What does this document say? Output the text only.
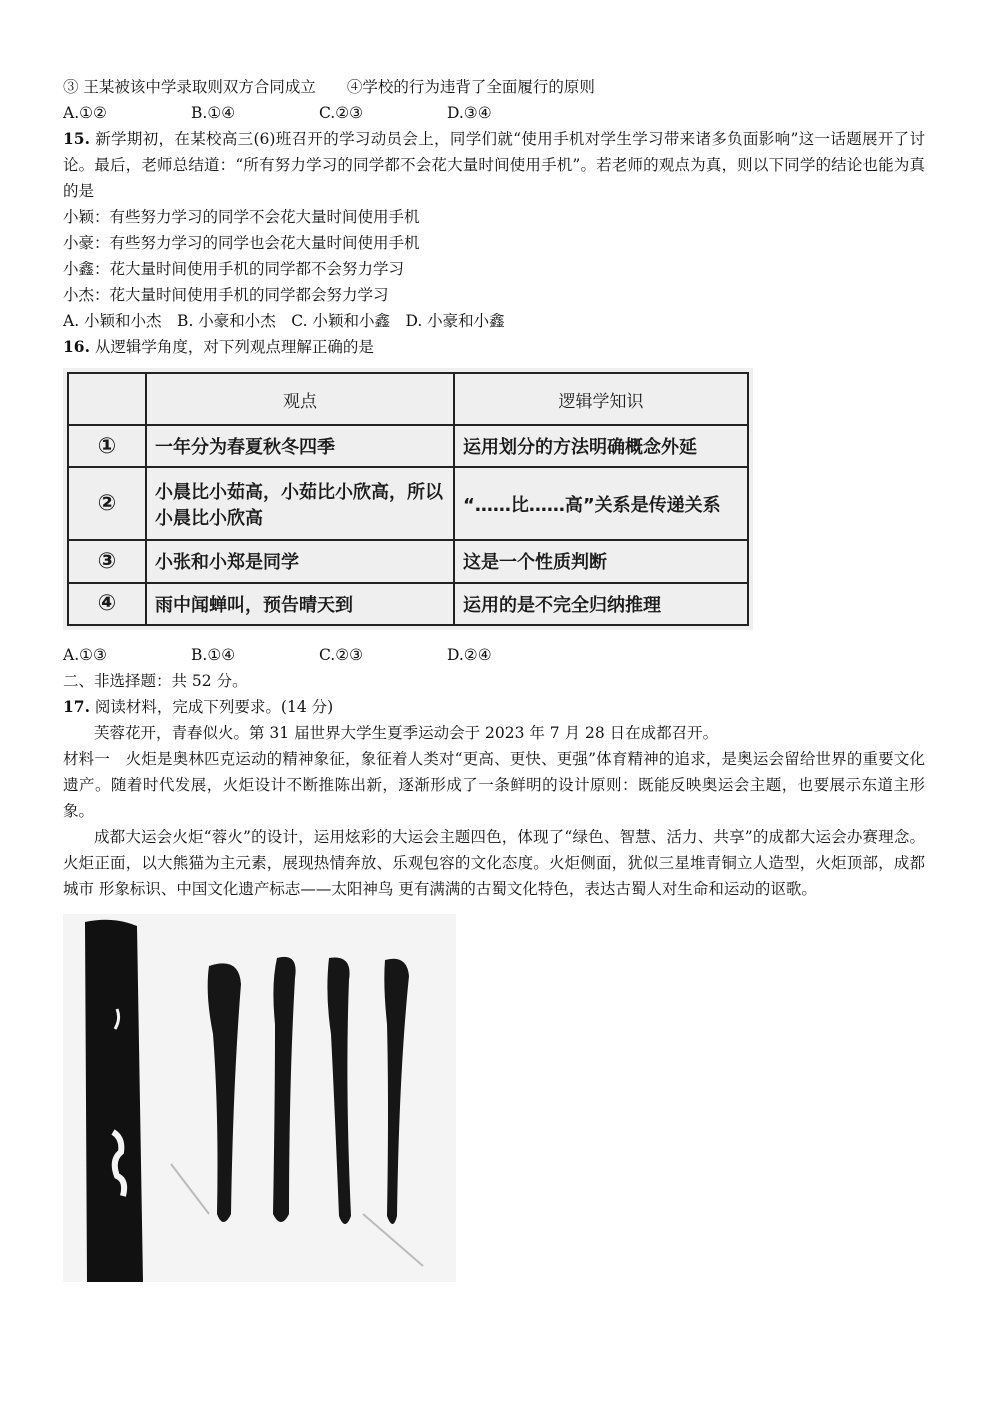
③ 王某被该中学录取则双方合同成立　　④学校的行为违背了全面履行的原则
A.①②	B.①④	C.②③	D.③④
15. 新学期初，在某校高三(6)班召开的学习动员会上，同学们就“使用手机对学生学习带来诸多负面影响”这一话题展开了讨论。最后，老师总结道：“所有努力学习的同学都不会花大量时间使用手机”。若老师的观点为真，则以下同学的结论也能为真的是
小颖：有些努力学习的同学不会花大量时间使用手机
小豪：有些努力学习的同学也会花大量时间使用手机
小鑫：花大量时间使用手机的同学都不会努力学习
小杰：花大量时间使用手机的同学都会努力学习
A. 小颖和小杰　B. 小豪和小杰　C. 小颖和小鑫　D. 小豪和小鑫
16. 从逻辑学角度，对下列观点理解正确的是
	观点	逻辑学知识
①	一年分为春夏秋冬四季	运用划分的方法明确概念外延
②	小晨比小茹高，小茹比小欣高，所以小晨比小欣高	“……比……高”关系是传递关系
③	小张和小郑是同学	这是一个性质判断
④	雨中闻蝉叫，预告晴天到	运用的是不完全归纳推理
A.①③	B.①④	C.②③	D.②④
二、非选择题：共 52 分。
17. 阅读材料，完成下列要求。(14 分)
芙蓉花开，青春似火。第 31 届世界大学生夏季运动会于 2023 年 7 月 28 日在成都召开。
材料一　火炬是奥林匹克运动的精神象征，象征着人类对“更高、更快、更强”体育精神的追求，是奥运会留给世界的重要文化遗产。随着时代发展，火炬设计不断推陈出新，逐渐形成了一条鲜明的设计原则：既能反映奥运会主题，也要展示东道主形象。
成都大运会火炬“蓉火”的设计，运用炫彩的大运会主题四色，体现了“绿色、智慧、活力、共享”的成都大运会办赛理念。火炬正面，以大熊猫为主元素，展现热情奔放、乐观包容的文化态度。火炬侧面，犹似三星堆青铜立人造型，火炬顶部，成都城市 形象标识、中国文化遗产标志——太阳神鸟 更有满满的古蜀文化特色，表达古蜀人对生命和运动的讴歌。
